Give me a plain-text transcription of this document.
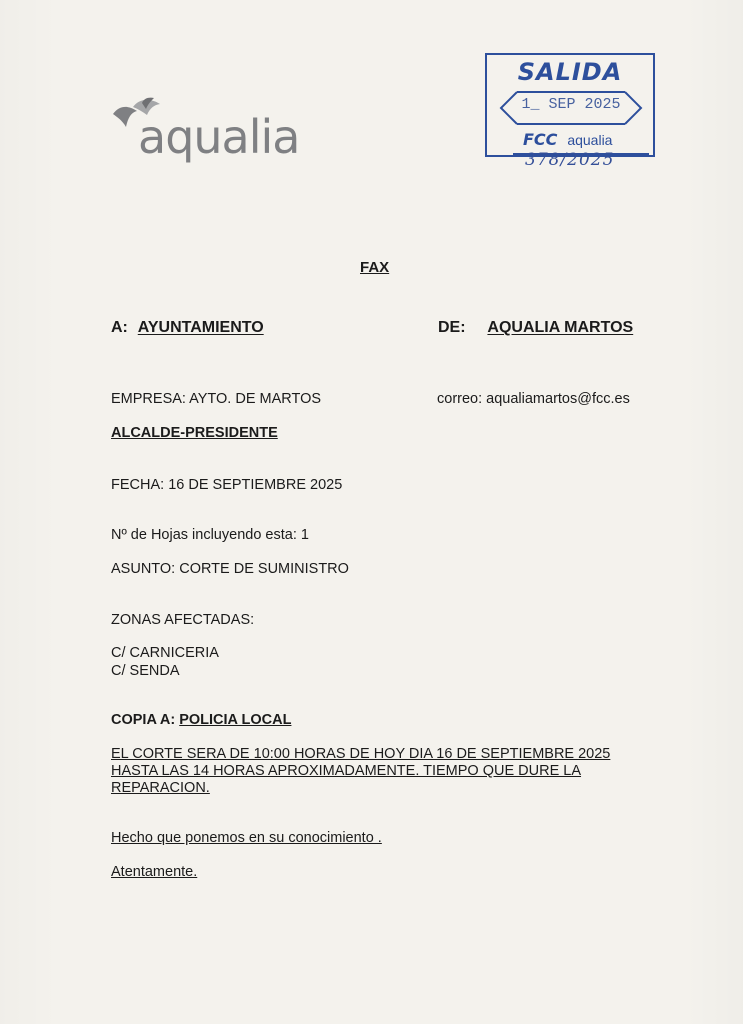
aqualia
SALIDA
1_ SEP 2025
FCC aqualia
378/2025
FAX
A: AYUNTAMIENTO	DE: AQUALIA MARTOS
EMPRESA: AYTO. DE MARTOS	correo: aqualiamartos@fcc.es
ALCALDE-PRESIDENTE
FECHA: 16 DE SEPTIEMBRE 2025
Nº de Hojas incluyendo esta: 1
ASUNTO: CORTE DE SUMINISTRO
ZONAS AFECTADAS:
C/ CARNICERIA
C/ SENDA
COPIA A: POLICIA LOCAL
EL CORTE SERA DE 10:00 HORAS DE HOY DIA 16 DE SEPTIEMBRE 2025
HASTA LAS 14 HORAS APROXIMADAMENTE. TIEMPO QUE DURE LA
REPARACION.
Hecho que ponemos en su conocimiento .
Atentamente.
